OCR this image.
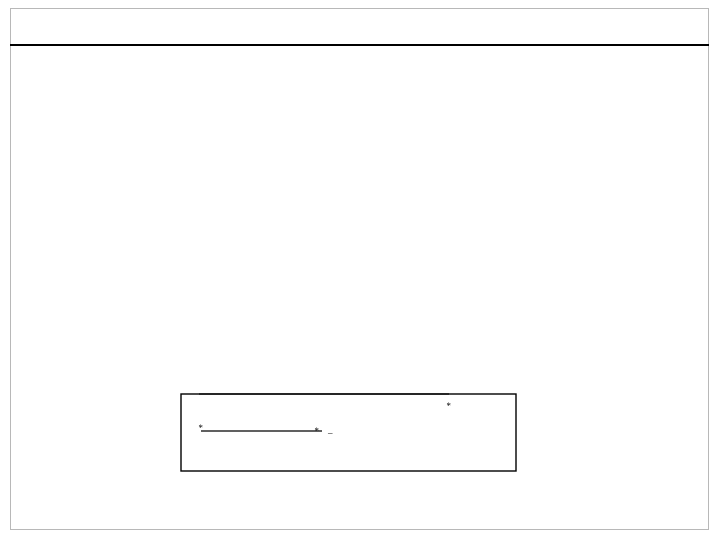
*	*
*
–
